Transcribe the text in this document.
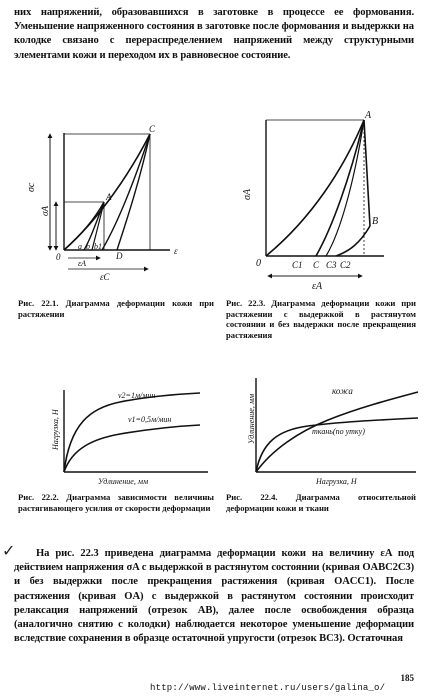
них напряжений, образовавшихся в заготовке в процессе ее формования. Уменьшение напряженного состояния в заготовке после формования и выдержки на колодке связано с перераспределением напряжений между структурными элементами кожи и переходом их в равновесное состояние.
σc
σA
C
A
0
a b b1
D	ε
εA
εC
σA
A
B
0	C1 C C3 C2
εA
Рис. 22.1. Диаграмма деформации кожи при растяжении
Рис. 22.3. Диаграмма деформации кожи при растяжении с выдержкой в растянутом состоянии и без выдержки после прекращения растяжения
Нагрузка, Н
Удлинение, мм
v2=1м/мин
v1=0,5м/мин	Удлинение, мм
Нагрузка, Н
кожа
ткань(по утку)
Рис. 22.2. Диаграмма зависимости величины растягивающего усилия от скорости деформации
Рис. 22.4. Диаграмма относительной деформации кожи и ткани
✓	На рис. 22.3 приведена диаграмма деформации кожи на величину εA под действием напряжения σA с выдержкой в растянутом состоянии (кривая OABC2C3) и без выдержки после прекращения растяжения (кривая OACC1). После растяжения (кривая OA) с выдержкой в растянутом состоянии происходит релаксация напряжений (отрезок AB), далее после освобождения образца (аналогично снятию с колодки) наблюдается некоторое уменьшение деформации вследствие сохранения в образце остаточной упругости (отрезок BC3). Остаточная
185
http://www.liveinternet.ru/users/galina_o/
